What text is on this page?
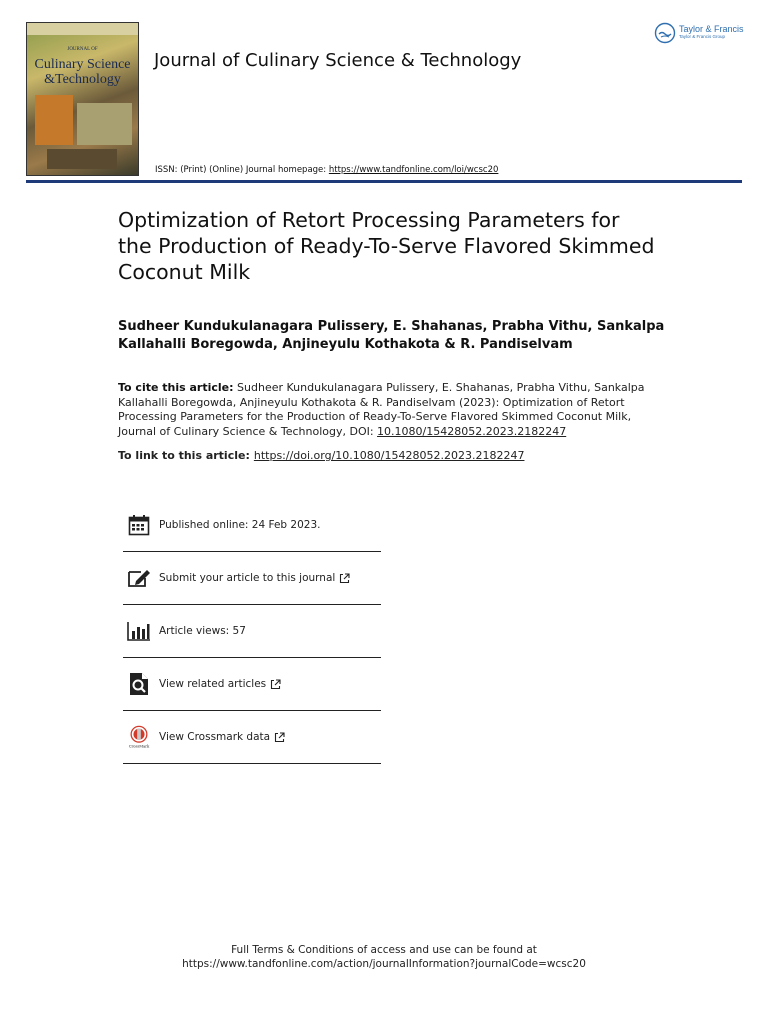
JOURNAL OF
Culinary Science
&Technology
Journal of Culinary Science & Technology
ISSN: (Print) (Online) Journal homepage: https://www.tandfonline.com/loi/wcsc20
Taylor & Francis
Taylor & Francis Group
Optimization of Retort Processing Parameters for the Production of Ready-To-Serve Flavored Skimmed Coconut Milk
Sudheer Kundukulanagara Pulissery, E. Shahanas, Prabha Vithu, Sankalpa Kallahalli Boregowda, Anjineyulu Kothakota & R. Pandiselvam
To cite this article: Sudheer Kundukulanagara Pulissery, E. Shahanas, Prabha Vithu, Sankalpa Kallahalli Boregowda, Anjineyulu Kothakota & R. Pandiselvam (2023): Optimization of Retort Processing Parameters for the Production of Ready-To-Serve Flavored Skimmed Coconut Milk, Journal of Culinary Science & Technology, DOI: 10.1080/15428052.2023.2182247
To link to this article: https://doi.org/10.1080/15428052.2023.2182247
Published online: 24 Feb 2023.
Submit your article to this journal
Article views: 57
View related articles
CrossMark
View Crossmark data
Full Terms & Conditions of access and use can be found at
https://www.tandfonline.com/action/journalInformation?journalCode=wcsc20
